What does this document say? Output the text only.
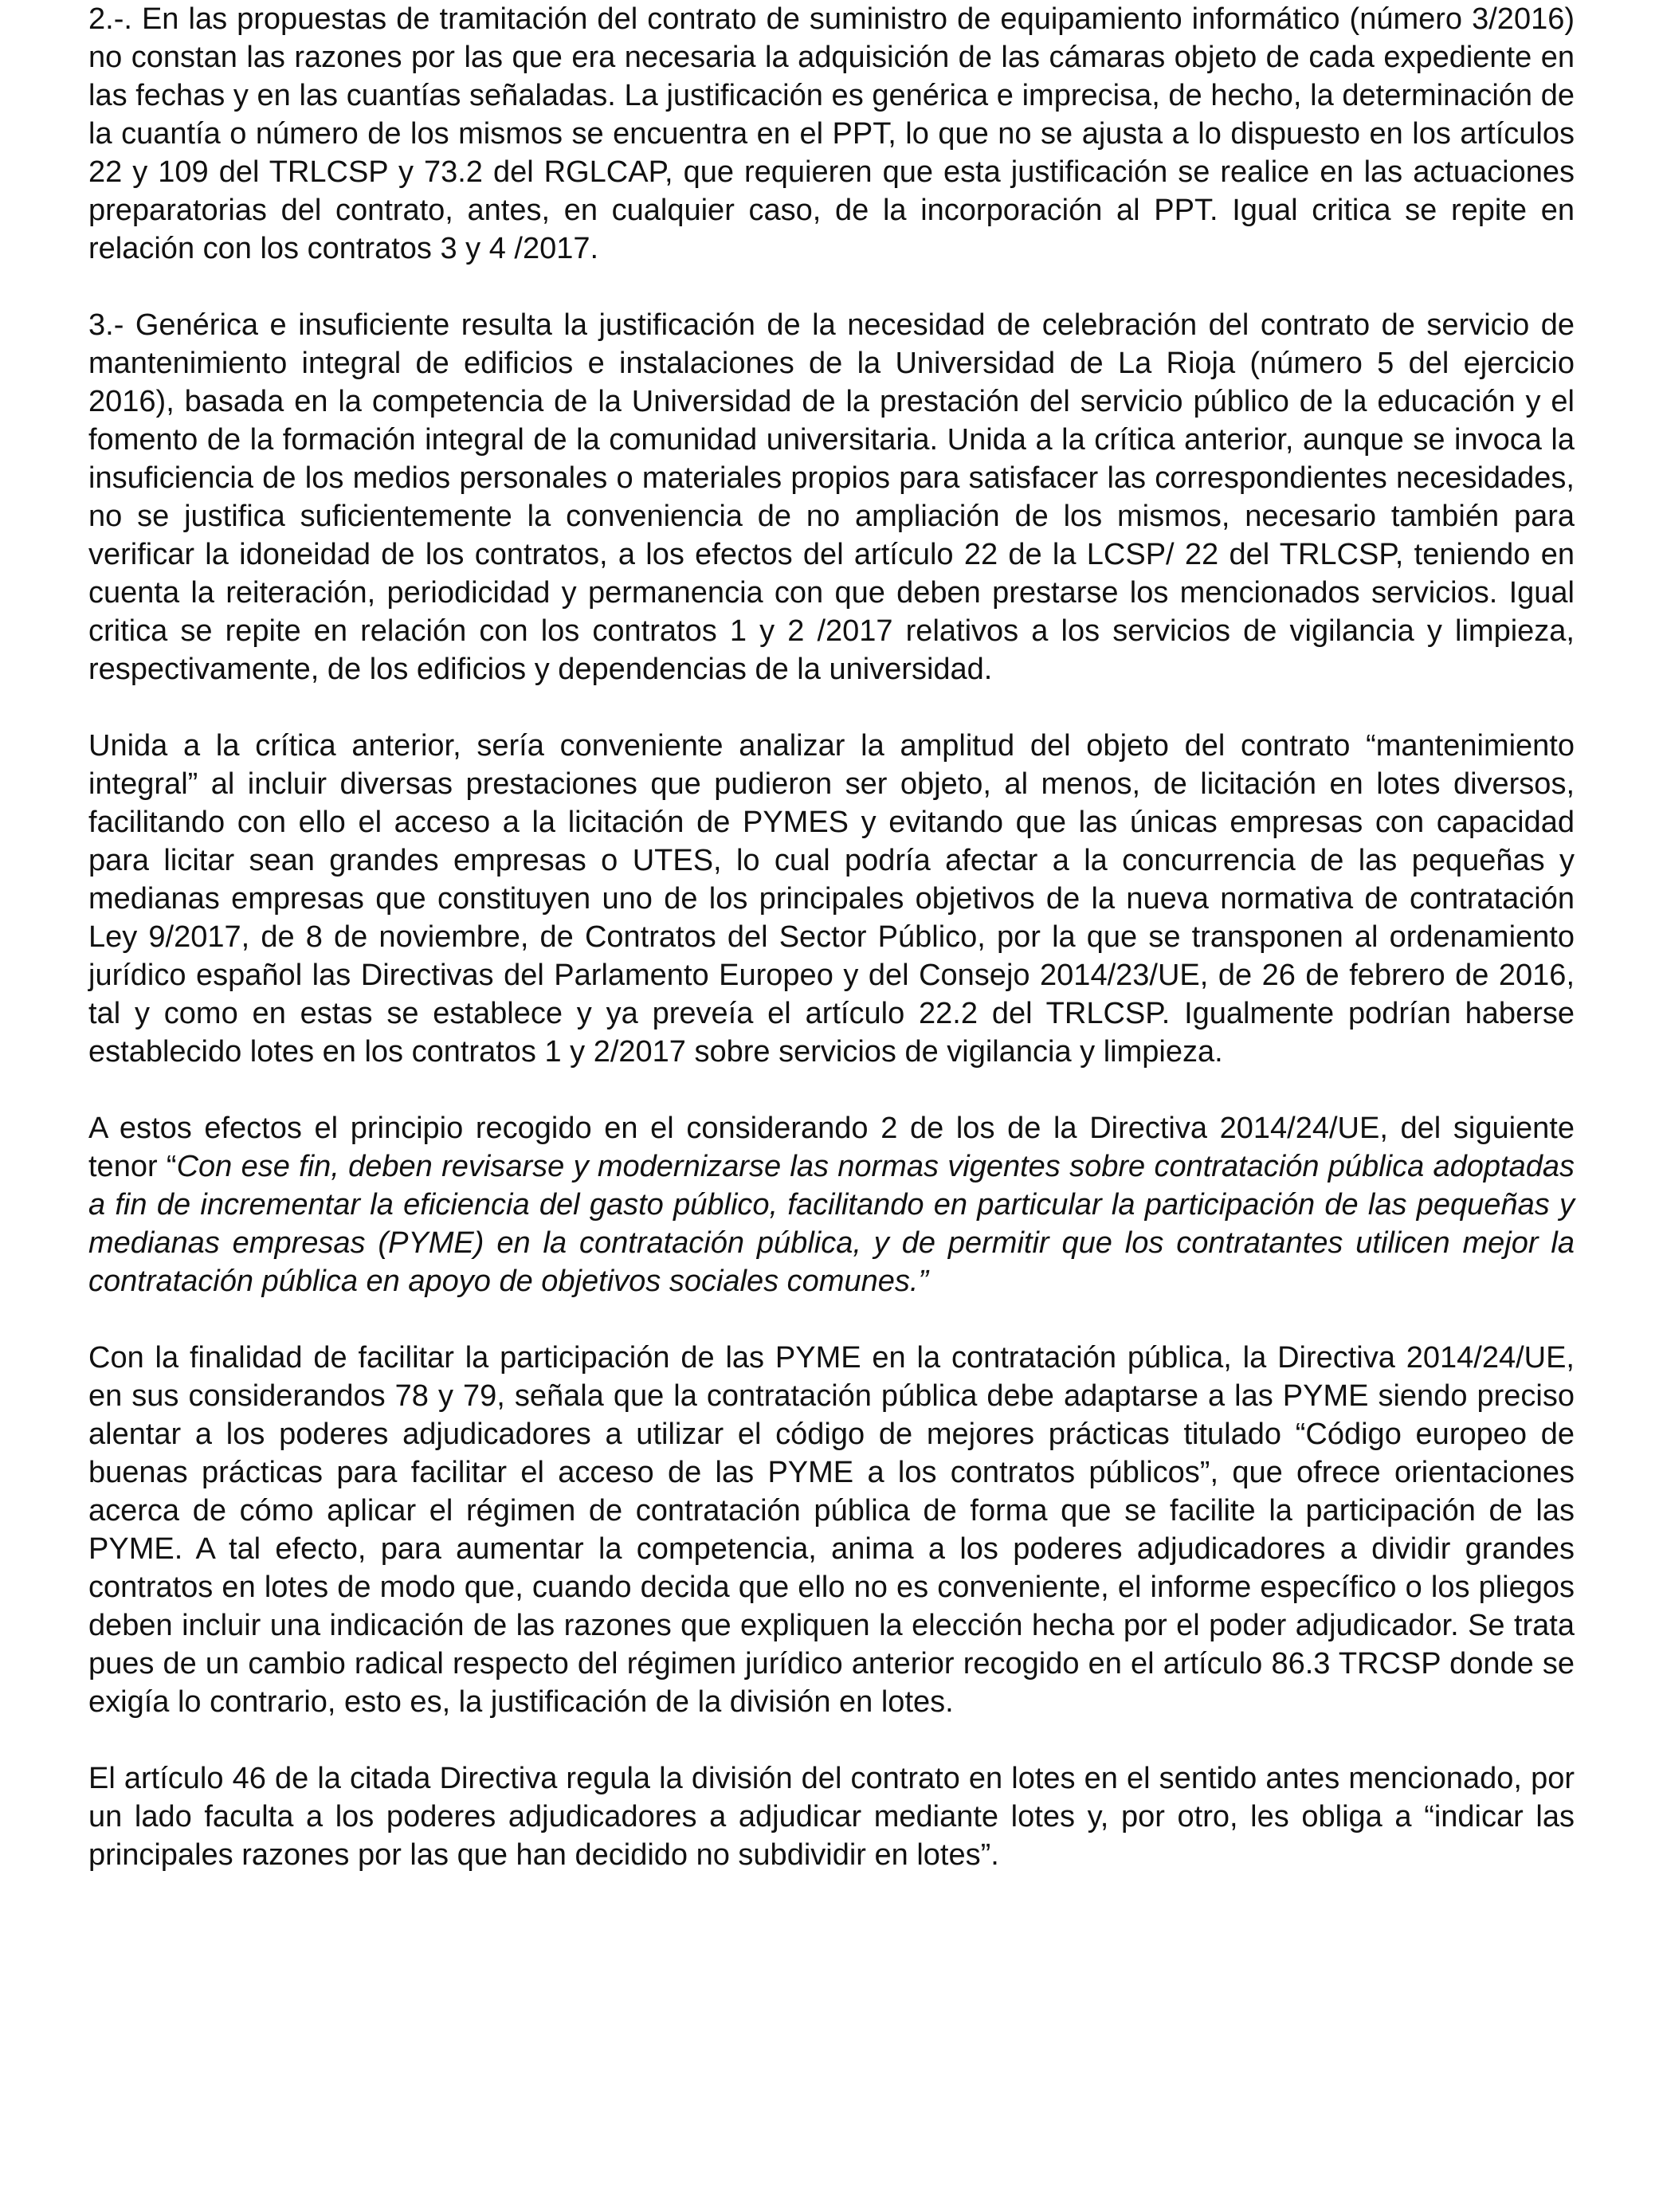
2.-. En las propuestas de tramitación del contrato de suministro de equipamiento informático (número 3/2016) no constan las razones por las que era necesaria la adquisición de las cámaras objeto de cada expediente en las fechas y en las cuantías señaladas. La justificación es genérica e imprecisa, de hecho, la determinación de la cuantía o número de los mismos se encuentra en el PPT, lo que no se ajusta a lo dispuesto en los artículos 22 y 109 del TRLCSP y 73.2 del RGLCAP, que requieren que esta justificación se realice en las actuaciones preparatorias del contrato, antes, en cualquier caso, de la incorporación al PPT. Igual critica se repite en relación con los contratos 3 y 4 /2017.

3.- Genérica e insuficiente resulta la justificación de la necesidad de celebración del contrato de servicio de mantenimiento integral de edificios e instalaciones de la Universidad de La Rioja (número 5 del ejercicio 2016), basada en la competencia de la Universidad de la prestación del servicio público de la educación y el fomento de la formación integral de la comunidad universitaria. Unida a la crítica anterior, aunque se invoca la insuficiencia de los medios personales o materiales propios para satisfacer las correspondientes necesidades, no se justifica suficientemente la conveniencia de no ampliación de los mismos, necesario también para verificar la idoneidad de los contratos, a los efectos del artículo 22 de la LCSP/ 22 del TRLCSP, teniendo en cuenta la reiteración, periodicidad y permanencia con que deben prestarse los mencionados servicios. Igual critica se repite en relación con los contratos 1 y 2 /2017 relativos a los servicios de vigilancia y limpieza, respectivamente, de los edificios y dependencias de la universidad.

Unida a la crítica anterior, sería conveniente analizar la amplitud del objeto del contrato “mantenimiento integral” al incluir diversas prestaciones que pudieron ser objeto, al menos, de licitación en lotes diversos, facilitando con ello el acceso a la licitación de PYMES y evitando que las únicas empresas con capacidad para licitar sean grandes empresas o UTES, lo cual podría afectar a la concurrencia de las pequeñas y medianas empresas que constituyen uno de los principales objetivos de la nueva normativa de contratación Ley 9/2017, de 8 de noviembre, de Contratos del Sector Público, por la que se transponen al ordenamiento jurídico español las Directivas del Parlamento Europeo y del Consejo 2014/23/UE, de 26 de febrero de 2016, tal y como en estas se establece y ya preveía el artículo 22.2 del TRLCSP. Igualmente podrían haberse establecido lotes en los contratos 1 y 2/2017 sobre servicios de vigilancia y limpieza.

A estos efectos el principio recogido en el considerando 2 de los de la Directiva 2014/24/UE, del siguiente tenor “Con ese fin, deben revisarse y modernizarse las normas vigentes sobre contratación pública adoptadas a fin de incrementar la eficiencia del gasto público, facilitando en particular la participación de las pequeñas y medianas empresas (PYME) en la contratación pública, y de permitir que los contratantes utilicen mejor la contratación pública en apoyo de objetivos sociales comunes.”

Con la finalidad de facilitar la participación de las PYME en la contratación pública, la Directiva 2014/24/UE, en sus considerandos 78 y 79, señala que la contratación pública debe adaptarse a las PYME siendo preciso alentar a los poderes adjudicadores a utilizar el código de mejores prácticas titulado “Código europeo de buenas prácticas para facilitar el acceso de las PYME a los contratos públicos”, que ofrece orientaciones acerca de cómo aplicar el régimen de contratación pública de forma que se facilite la participación de las PYME. A tal efecto, para aumentar la competencia, anima a los poderes adjudicadores a dividir grandes contratos en lotes de modo que, cuando decida que ello no es conveniente, el informe específico o los pliegos deben incluir una indicación de las razones que expliquen la elección hecha por el poder adjudicador. Se trata pues de un cambio radical respecto del régimen jurídico anterior recogido en el artículo 86.3 TRCSP donde se exigía lo contrario, esto es, la justificación de la división en lotes.

El artículo 46 de la citada Directiva regula la división del contrato en lotes en el sentido antes mencionado, por un lado faculta a los poderes adjudicadores a adjudicar mediante lotes y, por otro, les obliga a “indicar las principales razones por las que han decidido no subdividir en lotes”.
